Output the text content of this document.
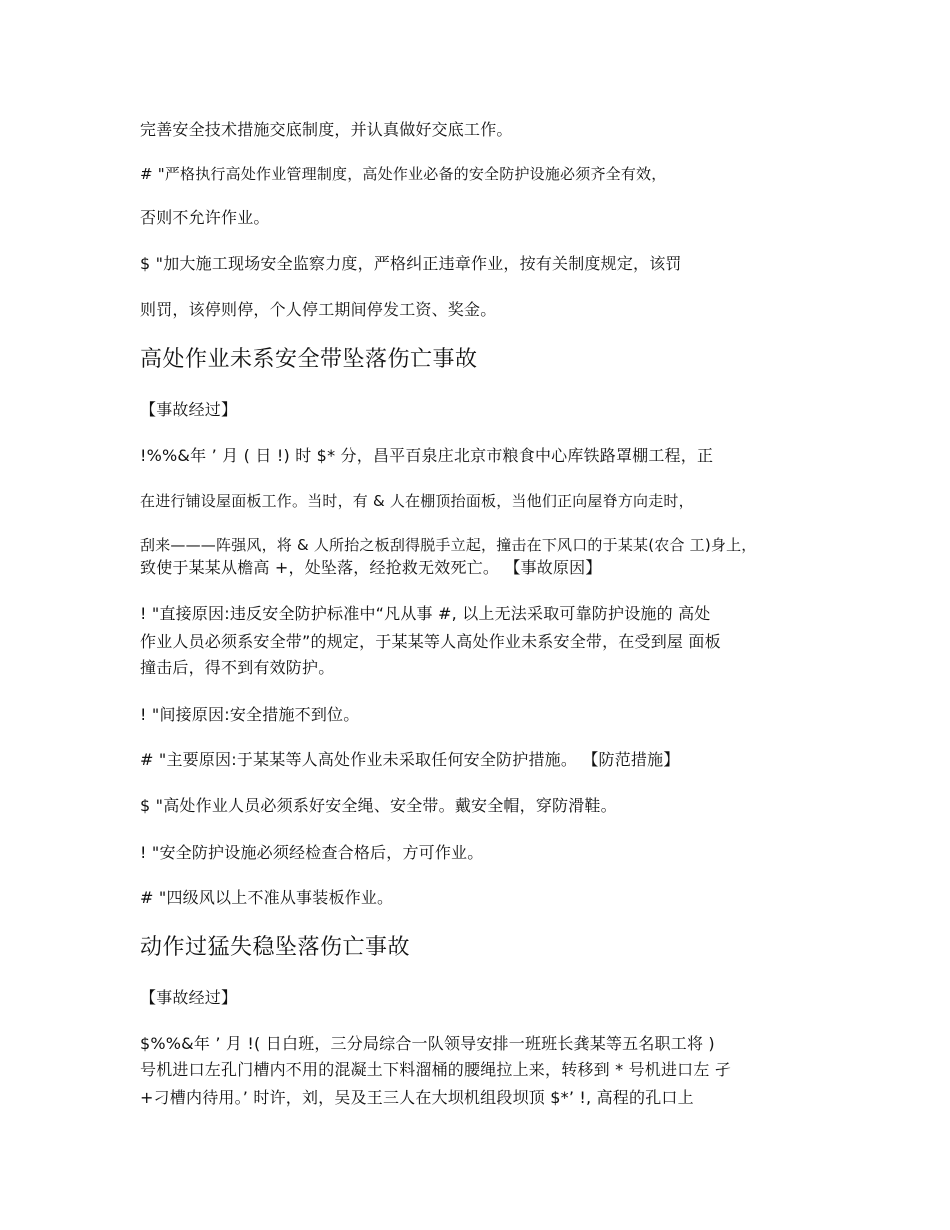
完善安全技术措施交底制度，并认真做好交底工作。
# "严格执行高处作业管理制度，高处作业必备的安全防护设施必须齐全有效，
否则不允许作业。
$ "加大施工现场安全监察力度，严格纠正违章作业，按有关制度规定，该罚
则罚，该停则停，个人停工期间停发工资、奖金。
高处作业未系安全带坠落伤亡事故
【事故经过】
!%%&年 ’ 月 ( 日 !) 时 $* 分，昌平百泉庄北京市粮食中心库铁路罩棚工程，正
在进行铺设屋面板工作。当时，有 & 人在棚顶抬面板，当他们正向屋脊方向走时，
刮来———阵强风，将 & 人所抬之板刮得脱手立起，撞击在下风口的于某某(农合 工)身上，
致使于某某从檐高 +，处坠落，经抢救无效死亡。 【事故原因】
! "直接原因:违反安全防护标准中“凡从事 #, 以上无法采取可靠防护设施的 高处
作业人员必须系安全带”的规定，于某某等人高处作业未系安全带，在受到屋 面板
撞击后，得不到有效防护。
! "间接原因:安全措施不到位。
# "主要原因:于某某等人高处作业未采取任何安全防护措施。 【防范措施】
$ "高处作业人员必须系好安全绳、安全带。戴安全帽，穿防滑鞋。
! "安全防护设施必须经检查合格后，方可作业。
# "四级风以上不准从事装板作业。
动作过猛失稳坠落伤亡事故
【事故经过】
$%%&年 ’ 月 !( 日白班，三分局综合一队领导安排一班班长龚某等五名职工将 )
号机进口左孔门槽内不用的混凝土下料溜桶的腰绳拉上来，转移到 * 号机进口左 孑
+刁槽内待用。’ 时许，刘，吴及王三人在大坝机组段坝顶 $*’ !, 高程的孔口上
